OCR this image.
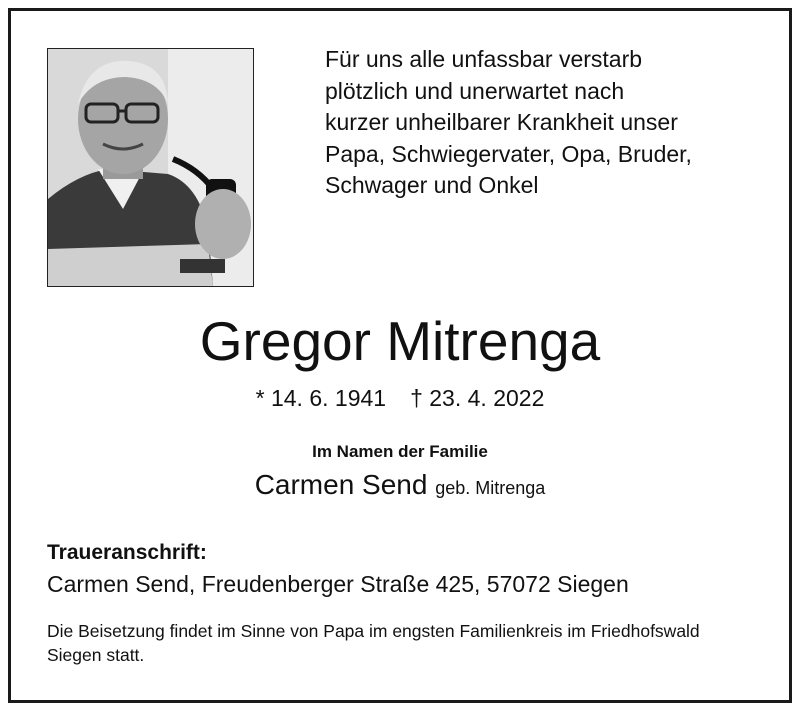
Für uns alle unfassbar verstarb
plötzlich und unerwartet nach
kurzer unheilbarer Krankheit unser
Papa, Schwiegervater, Opa, Bruder,
Schwager und Onkel
Gregor Mitrenga
* 14. 6. 1941 † 23. 4. 2022
Im Namen der Familie
Carmen Send geb. Mitrenga
Traueranschrift:
Carmen Send, Freudenberger Straße 425, 57072 Siegen
Die Beisetzung findet im Sinne von Papa im engsten Familienkreis im Friedhofswald Siegen statt.
